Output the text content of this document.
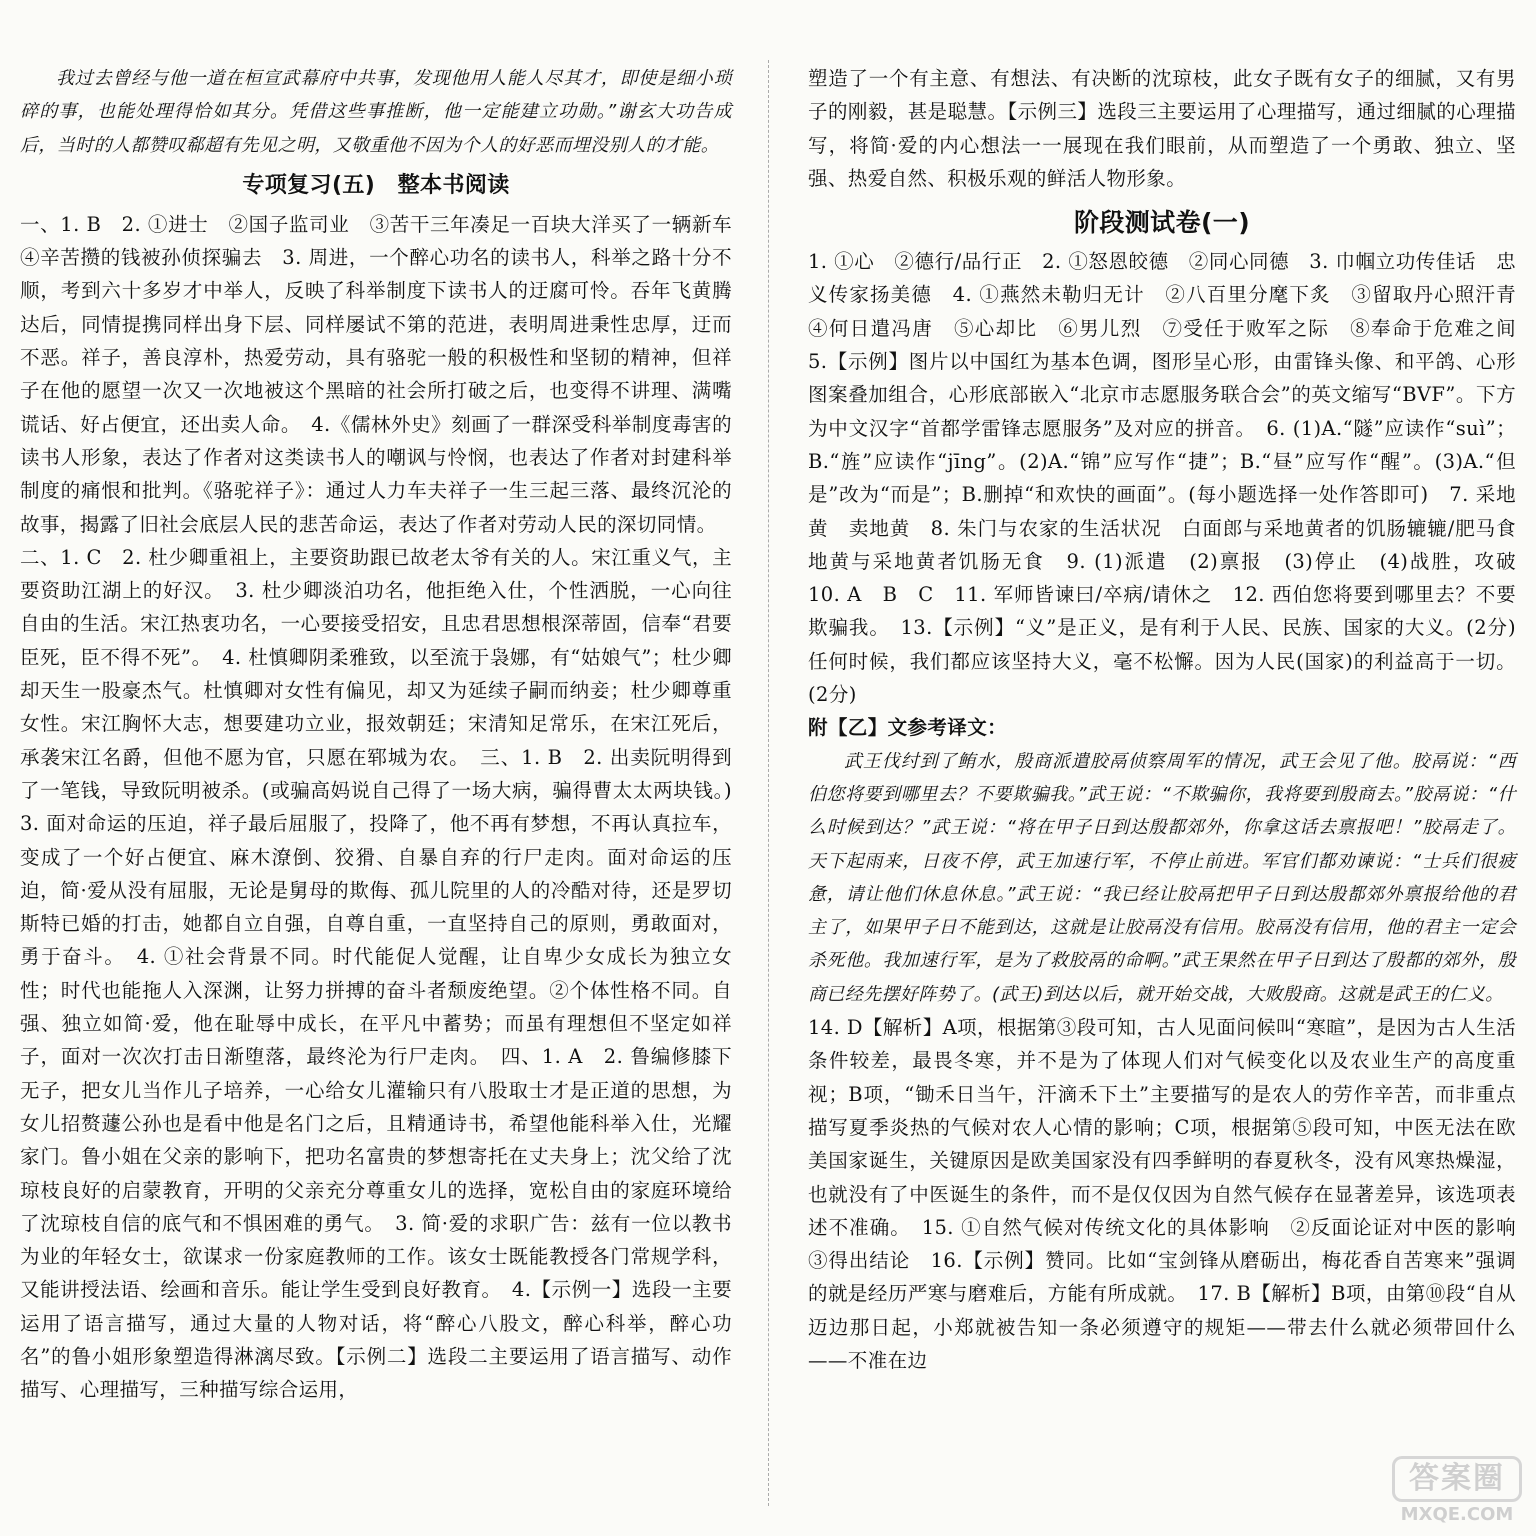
我过去曾经与他一道在桓宣武幕府中共事，发现他用人能人尽其才，即使是细小琐碎的事，也能处理得恰如其分。凭借这些事推断，他一定能建立功勋。”谢玄大功告成后，当时的人都赞叹郗超有先见之明，又敬重他不因为个人的好恶而埋没别人的才能。

专项复习(五)　整本书阅读

一、1. B　2. ①进士　②国子监司业　③苦干三年凑足一百块大洋买了一辆新车　④辛苦攒的钱被孙侦探骗去　3. 周进，一个醉心功名的读书人，科举之路十分不顺，考到六十多岁才中举人，反映了科举制度下读书人的迂腐可怜。吞年飞黄腾达后，同情提携同样出身下层、同样屡试不第的范进，表明周进秉性忠厚，迂而不恶。祥子，善良淳朴，热爱劳动，具有骆驼一般的积极性和坚韧的精神，但祥子在他的愿望一次又一次地被这个黑暗的社会所打破之后，也变得不讲理、满嘴谎话、好占便宜，还出卖人命。　4.《儒林外史》刻画了一群深受科举制度毒害的读书人形象，表达了作者对这类读书人的嘲讽与怜悯，也表达了作者对封建科举制度的痛恨和批判。《骆驼祥子》：通过人力车夫祥子一生三起三落、最终沉沦的故事，揭露了旧社会底层人民的悲苦命运，表达了作者对劳动人民的深切同情。

二、1. C　2. 杜少卿重祖上，主要资助跟已故老太爷有关的人。宋江重义气，主要资助江湖上的好汉。　3. 杜少卿淡泊功名，他拒绝入仕，个性洒脱，一心向往自由的生活。宋江热衷功名，一心要接受招安，且忠君思想根深蒂固，信奉“君要臣死，臣不得不死”。　4. 杜慎卿阴柔雅致，以至流于袅娜，有“姑娘气”；杜少卿却天生一股豪杰气。杜慎卿对女性有偏见，却又为延续子嗣而纳妾；杜少卿尊重女性。宋江胸怀大志，想要建功立业，报效朝廷；宋清知足常乐，在宋江死后，承袭宋江名爵，但他不愿为官，只愿在郓城为农。　三、1. B　2. 出卖阮明得到了一笔钱，导致阮明被杀。(或骗高妈说自己得了一场大病，骗得曹太太两块钱。)　3. 面对命运的压迫，祥子最后屈服了，投降了，他不再有梦想，不再认真拉车，变成了一个好占便宜、麻木潦倒、狡猾、自暴自弃的行尸走肉。面对命运的压迫，简·爱从没有屈服，无论是舅母的欺侮、孤儿院里的人的冷酷对待，还是罗切斯特已婚的打击，她都自立自强，自尊自重，一直坚持自己的原则，勇敢面对，勇于奋斗。　4. ①社会背景不同。时代能促人觉醒，让自卑少女成长为独立女性；时代也能拖人入深渊，让努力拼搏的奋斗者颓废绝望。②个体性格不同。自强、独立如简·爱，他在耻辱中成长，在平凡中蓄势；而虽有理想但不坚定如祥子，面对一次次打击日渐堕落，最终沦为行尸走肉。　四、1. A　2. 鲁编修膝下无子，把女儿当作儿子培养，一心给女儿灌输只有八股取士才是正道的思想，为女儿招赘蘧公孙也是看中他是名门之后，且精通诗书，希望他能科举入仕，光耀家门。鲁小姐在父亲的影响下，把功名富贵的梦想寄托在丈夫身上；沈父给了沈琼枝良好的启蒙教育，开明的父亲充分尊重女儿的选择，宽松自由的家庭环境给了沈琼枝自信的底气和不惧困难的勇气。　3. 简·爱的求职广告：兹有一位以教书为业的年轻女士，欲谋求一份家庭教师的工作。该女士既能教授各门常规学科，又能讲授法语、绘画和音乐。能让学生受到良好教育。　4.【示例一】选段一主要运用了语言描写，通过大量的人物对话，将“醉心八股文，醉心科举，醉心功名”的鲁小姐形象塑造得淋漓尽致。【示例二】选段二主要运用了语言描写、动作描写、心理描写，三种描写综合运用，

塑造了一个有主意、有想法、有决断的沈琼枝，此女子既有女子的细腻，又有男子的刚毅，甚是聪慧。【示例三】选段三主要运用了心理描写，通过细腻的心理描写，将简·爱的内心想法一一展现在我们眼前，从而塑造了一个勇敢、独立、坚强、热爱自然、积极乐观的鲜活人物形象。

阶段测试卷(一)

1. ①心　②德行/品行正　2. ①怒恩皎德　②同心同德　3. 巾帼立功传佳话　忠义传家扬美德　4. ①燕然未勒归无计　②八百里分麾下炙　③留取丹心照汗青　④何日遣冯唐　⑤心却比　⑥男儿烈　⑦受任于败军之际　⑧奉命于危难之间　5.【示例】图片以中国红为基本色调，图形呈心形，由雷锋头像、和平鸽、心形图案叠加组合，心形底部嵌入“北京市志愿服务联合会”的英文缩写“BVF”。下方为中文汉字“首都学雷锋志愿服务”及对应的拼音。　6. (1)A.“隧”应读作“suì”；B.“旌”应读作“jīng”。(2)A.“锦”应写作“捷”；B.“昼”应写作“醒”。(3)A.“但是”改为“而是”；B.删掉“和欢快的画面”。(每小题选择一处作答即可)　7. 采地黄　卖地黄　8. 朱门与农家的生活状况　白面郎与采地黄者的饥肠辘辘/肥马食地黄与采地黄者饥肠无食　9. (1)派遣　(2)禀报　(3)停止　(4)战胜，攻破　10. A　B　C　11. 军师皆谏曰/卒病/请休之　12. 西伯您将要到哪里去？不要欺骗我。　13.【示例】“义”是正义，是有利于人民、民族、国家的大义。(2分)任何时候，我们都应该坚持大义，毫不松懈。因为人民(国家)的利益高于一切。(2分)

附【乙】文参考译文：

武王伐纣到了鲔水，殷商派遣胶鬲侦察周军的情况，武王会见了他。胶鬲说：“西伯您将要到哪里去？不要欺骗我。”武王说：“不欺骗你，我将要到殷商去。”胶鬲说：“什么时候到达？”武王说：“将在甲子日到达殷都郊外，你拿这话去禀报吧！”胶鬲走了。天下起雨来，日夜不停，武王加速行军，不停止前进。军官们都劝谏说：“士兵们很疲惫，请让他们休息休息。”武王说：“我已经让胶鬲把甲子日到达殷都郊外禀报给他的君主了，如果甲子日不能到达，这就是让胶鬲没有信用。胶鬲没有信用，他的君主一定会杀死他。我加速行军，是为了救胶鬲的命啊。”武王果然在甲子日到达了殷都的郊外，殷商已经先摆好阵势了。(武王)到达以后，就开始交战，大败殷商。这就是武王的仁义。

14. D【解析】A项，根据第③段可知，古人见面问候叫“寒暄”，是因为古人生活条件较差，最畏冬寒，并不是为了体现人们对气候变化以及农业生产的高度重视；B项，“锄禾日当午，汗滴禾下土”主要描写的是农人的劳作辛苦，而非重点描写夏季炎热的气候对农人心情的影响；C项，根据第⑤段可知，中医无法在欧美国家诞生，关键原因是欧美国家没有四季鲜明的春夏秋冬，没有风寒热燥湿，也就没有了中医诞生的条件，而不是仅仅因为自然气候存在显著差异，该选项表述不准确。　15. ①自然气候对传统文化的具体影响　②反面论证对中医的影响　③得出结论　16.【示例】赞同。比如“宝剑锋从磨砺出，梅花香自苦寒来”强调的就是经历严寒与磨难后，方能有所成就。　17. B【解析】B项，由第⑩段“自从迈边那日起，小郑就被告知一条必须遵守的规矩——带去什么就必须带回什么——不准在边

答案圈
MXQE.COM
